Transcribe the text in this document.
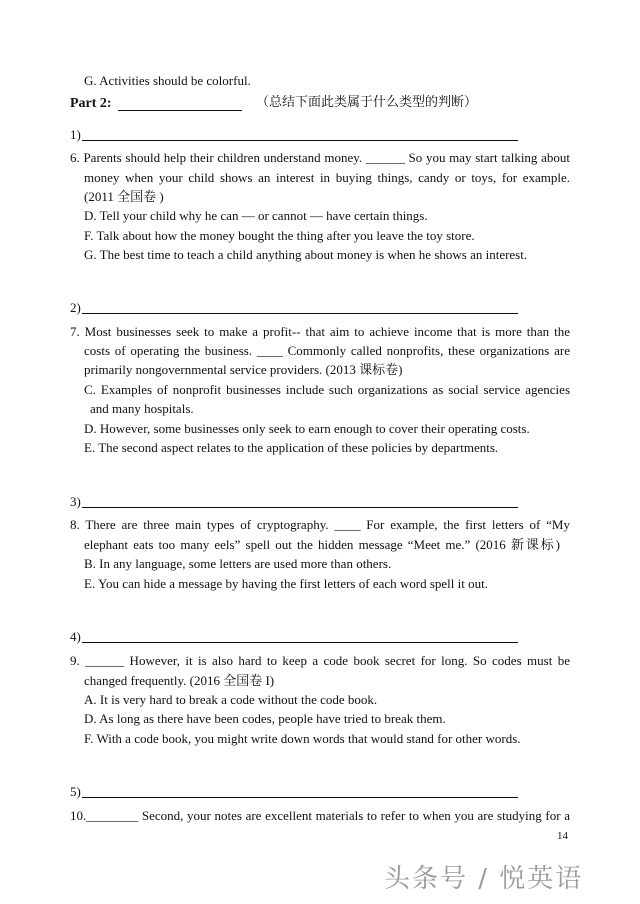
G. Activities should be colorful.
Part 2:	（总结下面此类属于什么类型的判断）
1)
6. Parents should help their children understand money. ______ So you may start talking about
money when your child shows an interest in buying things, candy or toys, for example.
(2011 全国卷 )
D. Tell your child why he can — or cannot — have certain things.
F. Talk about how the money bought the thing after you leave the toy store.
G. The best time to teach a child anything about money is when he shows an interest.
2)
7. Most businesses seek to make a profit-- that aim to achieve income that is more than the
costs of operating the business. ____ Commonly called nonprofits, these organizations are
primarily nongovernmental service providers. (2013 课标卷)
C. Examples of nonprofit businesses include such organizations as social service agencies
and many hospitals.
D. However, some businesses only seek to earn enough to cover their operating costs.
E. The second aspect relates to the application of these policies by departments.
3)
8. There are three main types of cryptography. ____ For example, the first letters of “My
elephant eats too many eels” spell out the hidden message “Meet me.” (2016 新课标)
B. In any language, some letters are used more than others.
E. You can hide a message by having the first letters of each word spell it out.
4)
9. ______ However, it is also hard to keep a code book secret for long. So codes must be
changed frequently. (2016 全国卷 I)
A. It is very hard to break a code without the code book.
D. As long as there have been codes, people have tried to break them.
F. With a code book, you might write down words that would stand for other words.
5)
10.________ Second, your notes are excellent materials to refer to when you are studying for a
14
头条号 / 悦英语
